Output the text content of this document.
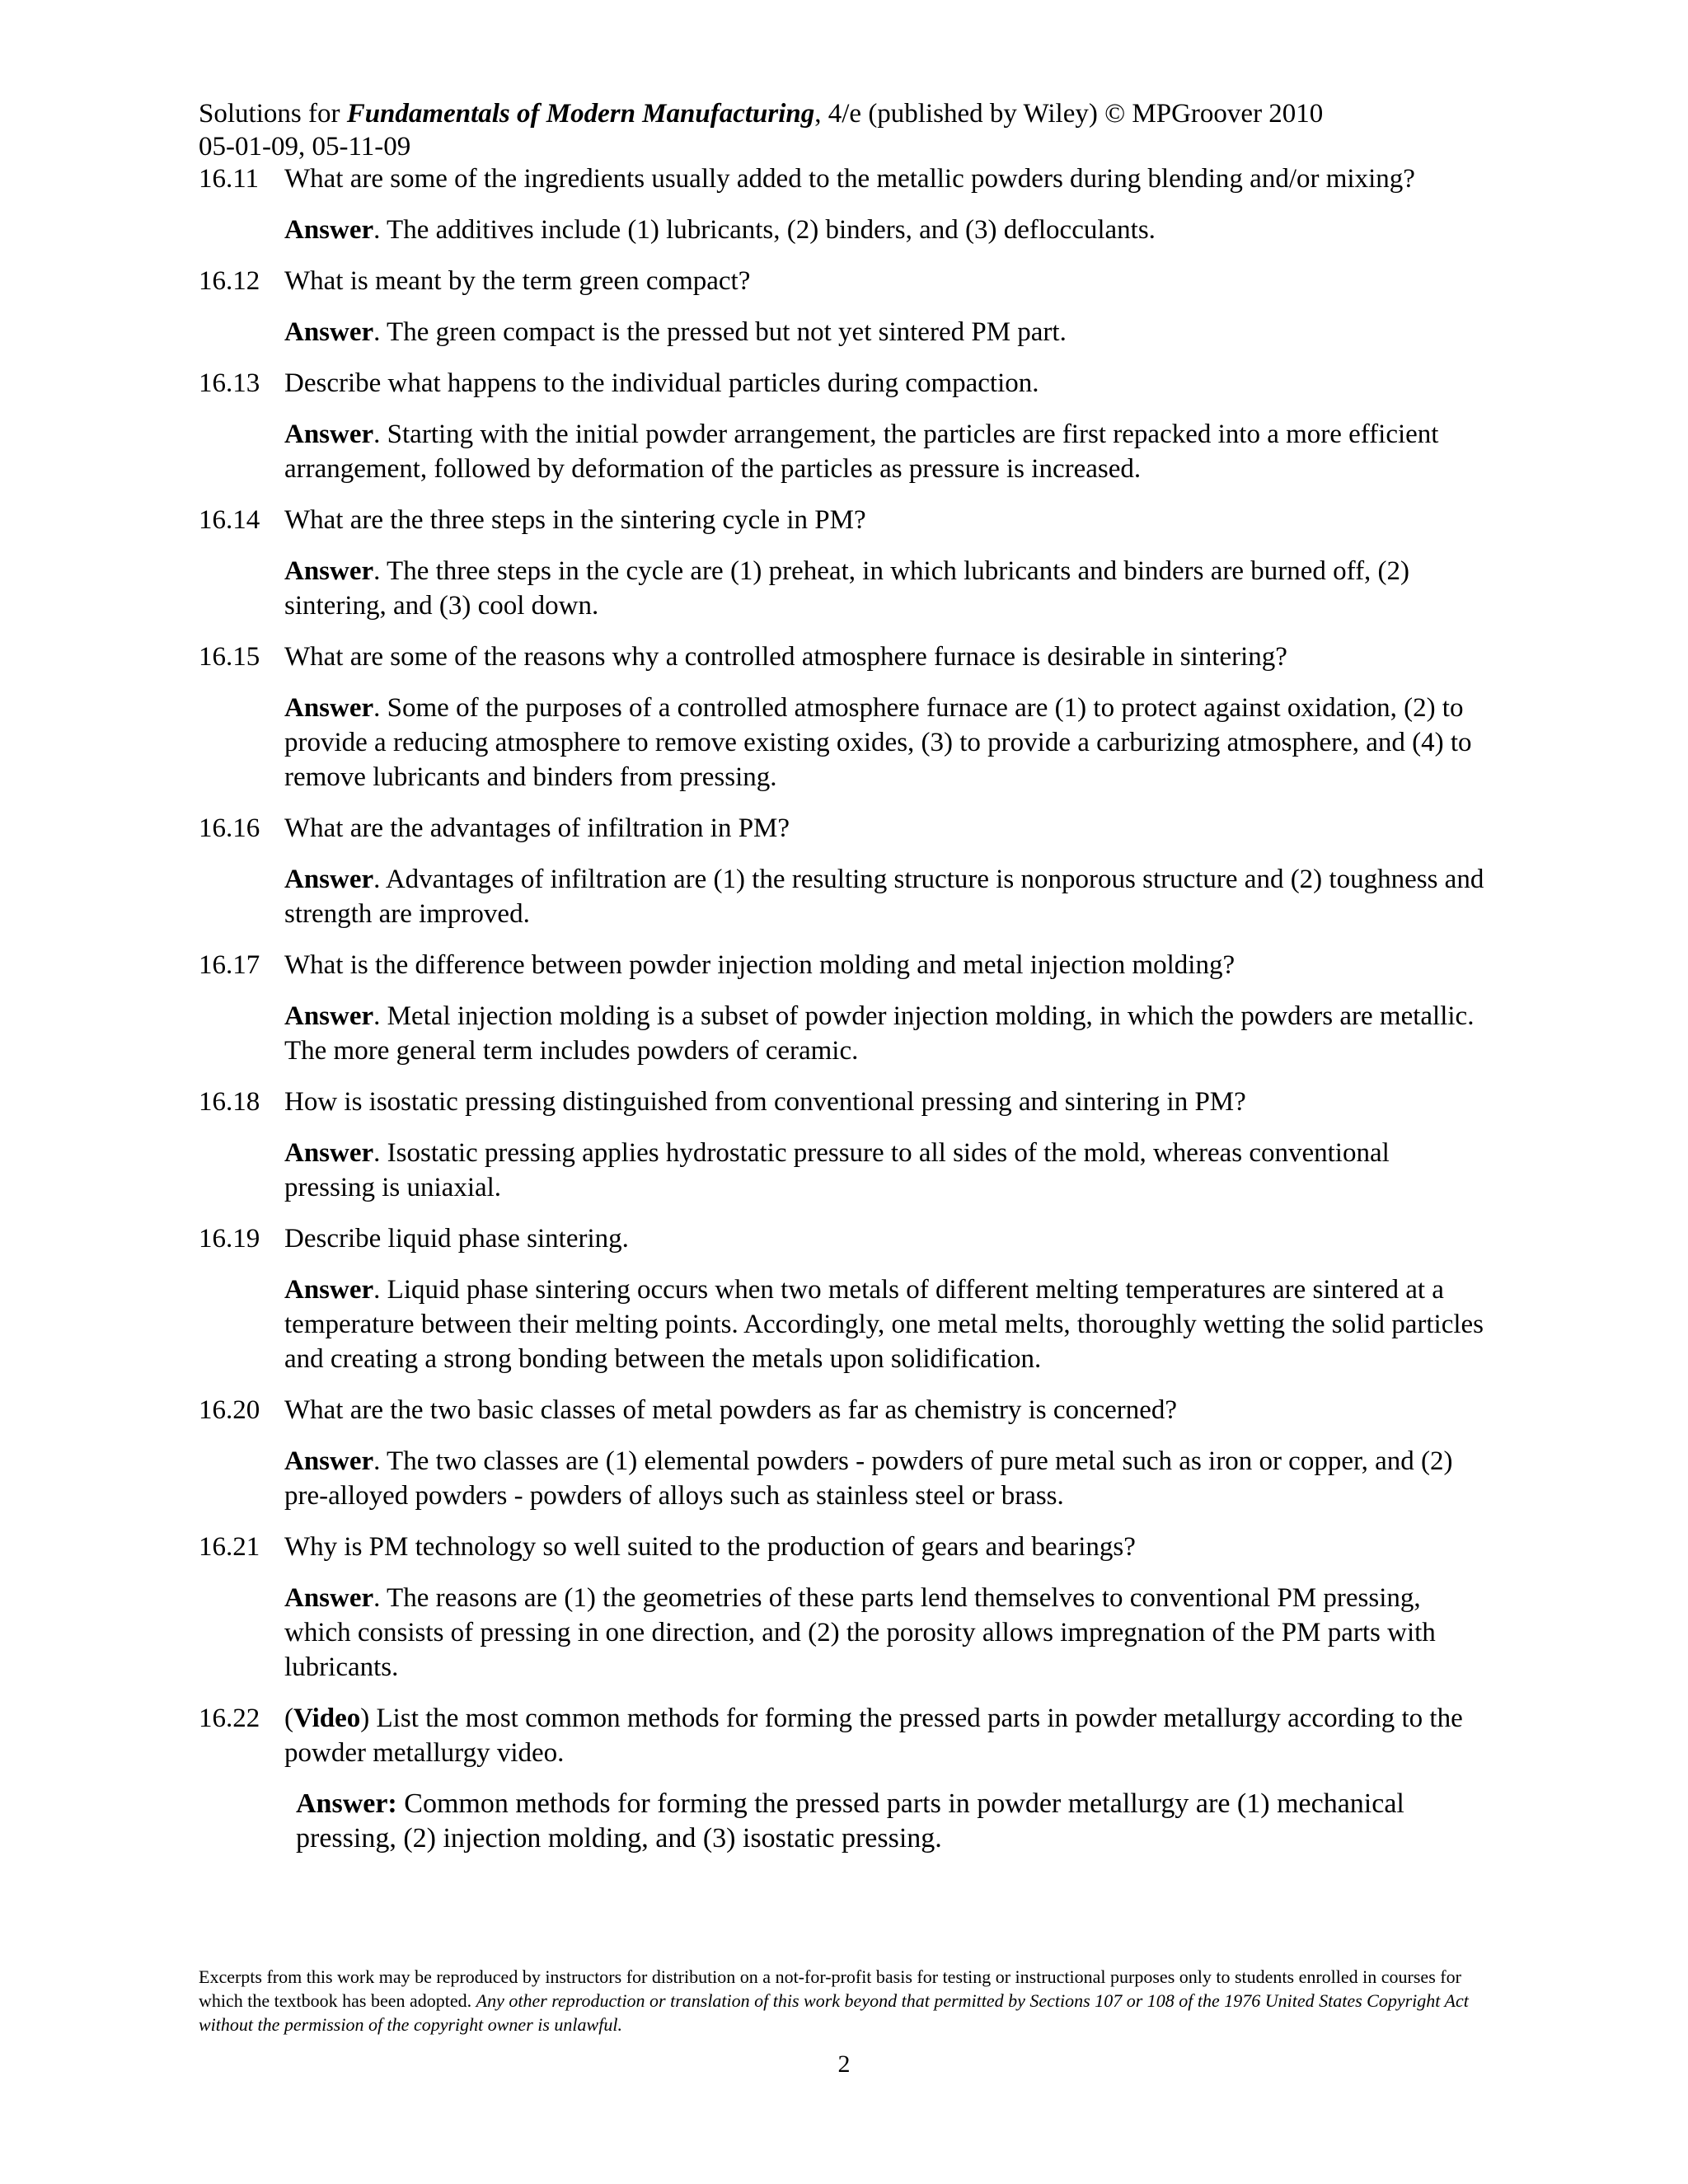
Solutions for Fundamentals of Modern Manufacturing, 4/e (published by Wiley) © MPGroover 2010
05-01-09, 05-11-09
16.11 What are some of the ingredients usually added to the metallic powders during blending and/or mixing?
Answer. The additives include (1) lubricants, (2) binders, and (3) deflocculants.
16.12 What is meant by the term green compact?
Answer. The green compact is the pressed but not yet sintered PM part.
16.13 Describe what happens to the individual particles during compaction.
Answer. Starting with the initial powder arrangement, the particles are first repacked into a more efficient arrangement, followed by deformation of the particles as pressure is increased.
16.14 What are the three steps in the sintering cycle in PM?
Answer. The three steps in the cycle are (1) preheat, in which lubricants and binders are burned off, (2) sintering, and (3) cool down.
16.15 What are some of the reasons why a controlled atmosphere furnace is desirable in sintering?
Answer. Some of the purposes of a controlled atmosphere furnace are (1) to protect against oxidation, (2) to provide a reducing atmosphere to remove existing oxides, (3) to provide a carburizing atmosphere, and (4) to remove lubricants and binders from pressing.
16.16 What are the advantages of infiltration in PM?
Answer. Advantages of infiltration are (1) the resulting structure is nonporous structure and (2) toughness and strength are improved.
16.17 What is the difference between powder injection molding and metal injection molding?
Answer. Metal injection molding is a subset of powder injection molding, in which the powders are metallic. The more general term includes powders of ceramic.
16.18 How is isostatic pressing distinguished from conventional pressing and sintering in PM?
Answer. Isostatic pressing applies hydrostatic pressure to all sides of the mold, whereas conventional pressing is uniaxial.
16.19 Describe liquid phase sintering.
Answer. Liquid phase sintering occurs when two metals of different melting temperatures are sintered at a temperature between their melting points. Accordingly, one metal melts, thoroughly wetting the solid particles and creating a strong bonding between the metals upon solidification.
16.20 What are the two basic classes of metal powders as far as chemistry is concerned?
Answer. The two classes are (1) elemental powders - powders of pure metal such as iron or copper, and (2) pre-alloyed powders - powders of alloys such as stainless steel or brass.
16.21 Why is PM technology so well suited to the production of gears and bearings?
Answer. The reasons are (1) the geometries of these parts lend themselves to conventional PM pressing, which consists of pressing in one direction, and (2) the porosity allows impregnation of the PM parts with lubricants.
16.22 (Video) List the most common methods for forming the pressed parts in powder metallurgy according to the powder metallurgy video.
Answer: Common methods for forming the pressed parts in powder metallurgy are (1) mechanical pressing, (2) injection molding, and (3) isostatic pressing.
Excerpts from this work may be reproduced by instructors for distribution on a not-for-profit basis for testing or instructional purposes only to students enrolled in courses for which the textbook has been adopted. Any other reproduction or translation of this work beyond that permitted by Sections 107 or 108 of the 1976 United States Copyright Act without the permission of the copyright owner is unlawful.
2
